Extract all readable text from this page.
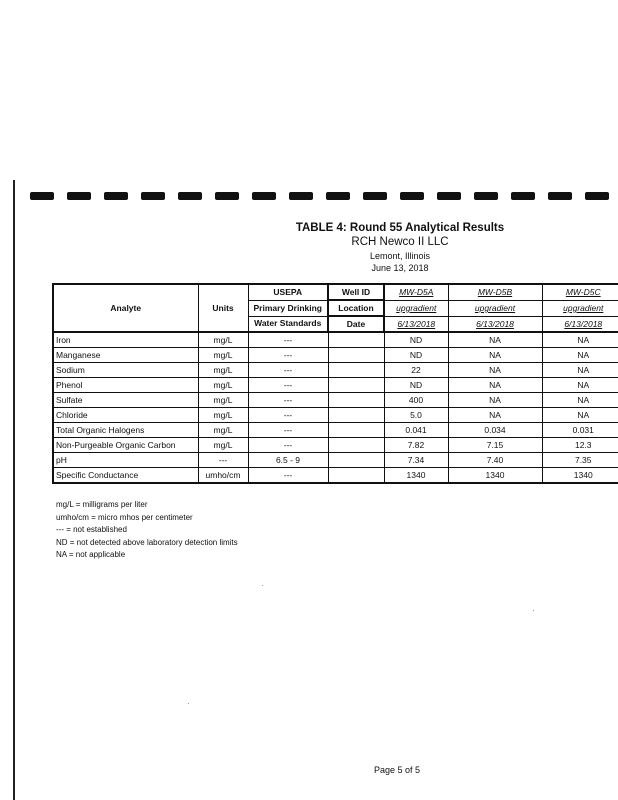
TABLE 4: Round 55 Analytical Results
RCH Newco II LLC
Lemont, Illinois
June 13, 2018
Analyte	Units	USEPA	Well ID	MW-D5A	MW-D5B	MW-D5C
		Primary Drinking	Location	upgradient	upgradient	upgradient
		Water Standards	Date	6/13/2018	6/13/2018	6/13/2018
Iron	mg/L	---		ND	NA	NA
Manganese	mg/L	---		ND	NA	NA
Sodium	mg/L	---		22	NA	NA
Phenol	mg/L	---		ND	NA	NA
Sulfate	mg/L	---		400	NA	NA
Chloride	mg/L	---		5.0	NA	NA
Total Organic Halogens	mg/L	---		0.041	0.034	0.031
Non-Purgeable Organic Carbon	mg/L	---		7.82	7.15	12.3
pH	---	6.5 - 9		7.34	7.40	7.35
Specific Conductance	umho/cm	---		1340	1340	1340
mg/L = milligrams per liter
umho/cm = micro mhos per centimeter
--- = not established
ND = not detected above laboratory detection limits
NA = not applicable
Page 5 of 5
